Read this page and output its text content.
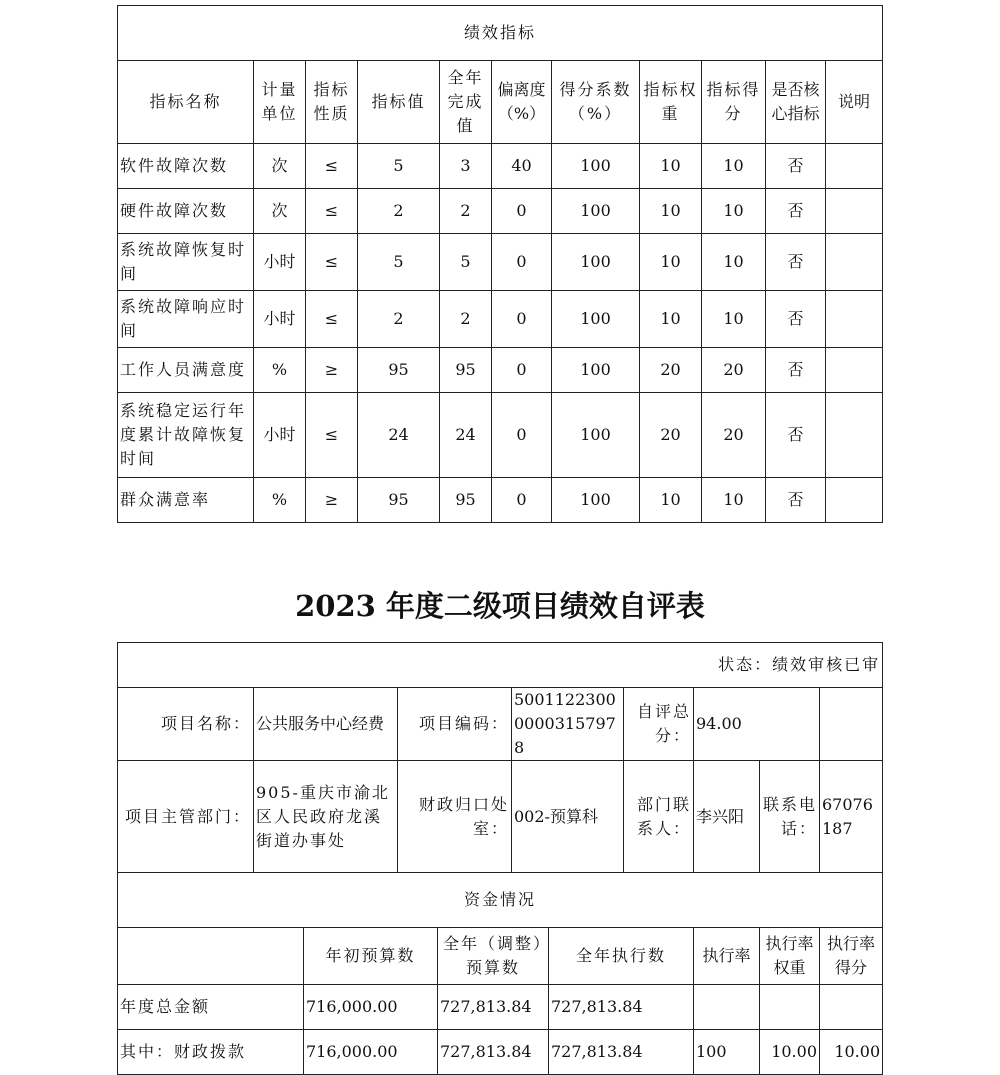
绩效指标										
指标名称	计量单位	指标性质	指标值	全年完成值	偏离度（%）	得分系数（%）	指标权重	指标得分	是否核心指标	说明
软件故障次数	次	≤	5	3	40	100	10	10	否	
硬件故障次数	次	≤	2	2	0	100	10	10	否	
系统故障恢复时间	小时	≤	5	5	0	100	10	10	否	
系统故障响应时间	小时	≤	2	2	0	100	10	10	否	
工作人员满意度	%	≥	95	95	0	100	20	20	否	
系统稳定运行年度累计故障恢复时间	小时	≤	24	24	0	100	20	20	否	
群众满意率	%	≥	95	95	0	100	10	10	否	
2023 年度二级项目绩效自评表
状态：绩效审核已审										
项目名称：	公共服务中心经费		项目编码：		500112230000003157978		自评总分：	94.00		
项目主管部门：	905-重庆市渝北区人民政府龙溪街道办事处		财政归口处室：		002-预算科		部门联系人：	李兴阳	联系电话：	67076187
资金情况										
		年初预算数		全年（调整）预算数		全年执行数		执行率	执行率权重	执行率得分
年度总金额		716,000.00		727,813.84		727,813.84				
其中：财政拨款		716,000.00		727,813.84		727,813.84		100	10.00	10.00
